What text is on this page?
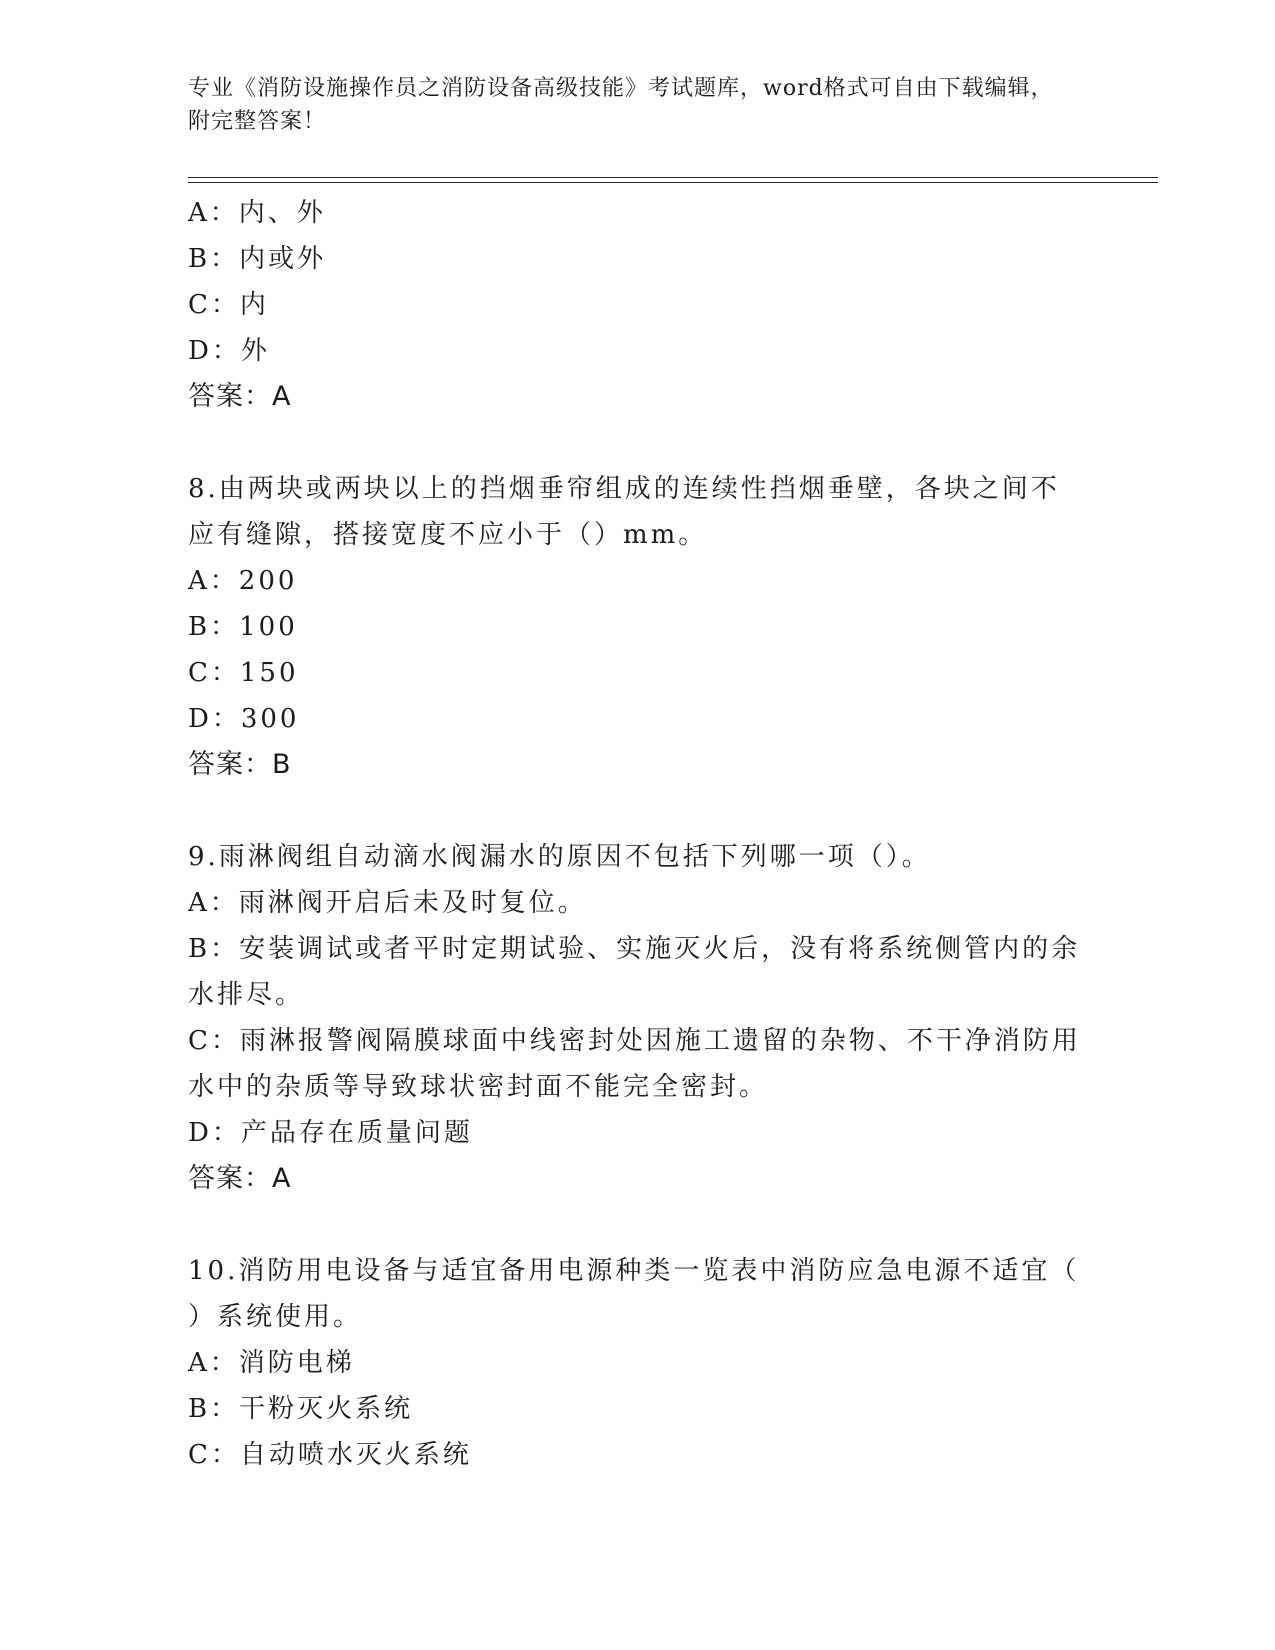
专业《消防设施操作员之消防设备高级技能》考试题库，word格式可自由下载编辑，附完整答案！
A：内、外
B：内或外
C：内
D：外
答案：A
8.由两块或两块以上的挡烟垂帘组成的连续性挡烟垂壁，各块之间不
应有缝隙，搭接宽度不应小于（）mm。
A：200
B：100
C：150
D：300
答案：B
9.雨淋阀组自动滴水阀漏水的原因不包括下列哪一项（）。
A：雨淋阀开启后未及时复位。
B：安装调试或者平时定期试验、实施灭火后，没有将系统侧管内的余
水排尽。
C：雨淋报警阀隔膜球面中线密封处因施工遗留的杂物、不干净消防用
水中的杂质等导致球状密封面不能完全密封。
D：产品存在质量问题
答案：A
10.消防用电设备与适宜备用电源种类一览表中消防应急电源不适宜（
）系统使用。
A：消防电梯
B：干粉灭火系统
C：自动喷水灭火系统
